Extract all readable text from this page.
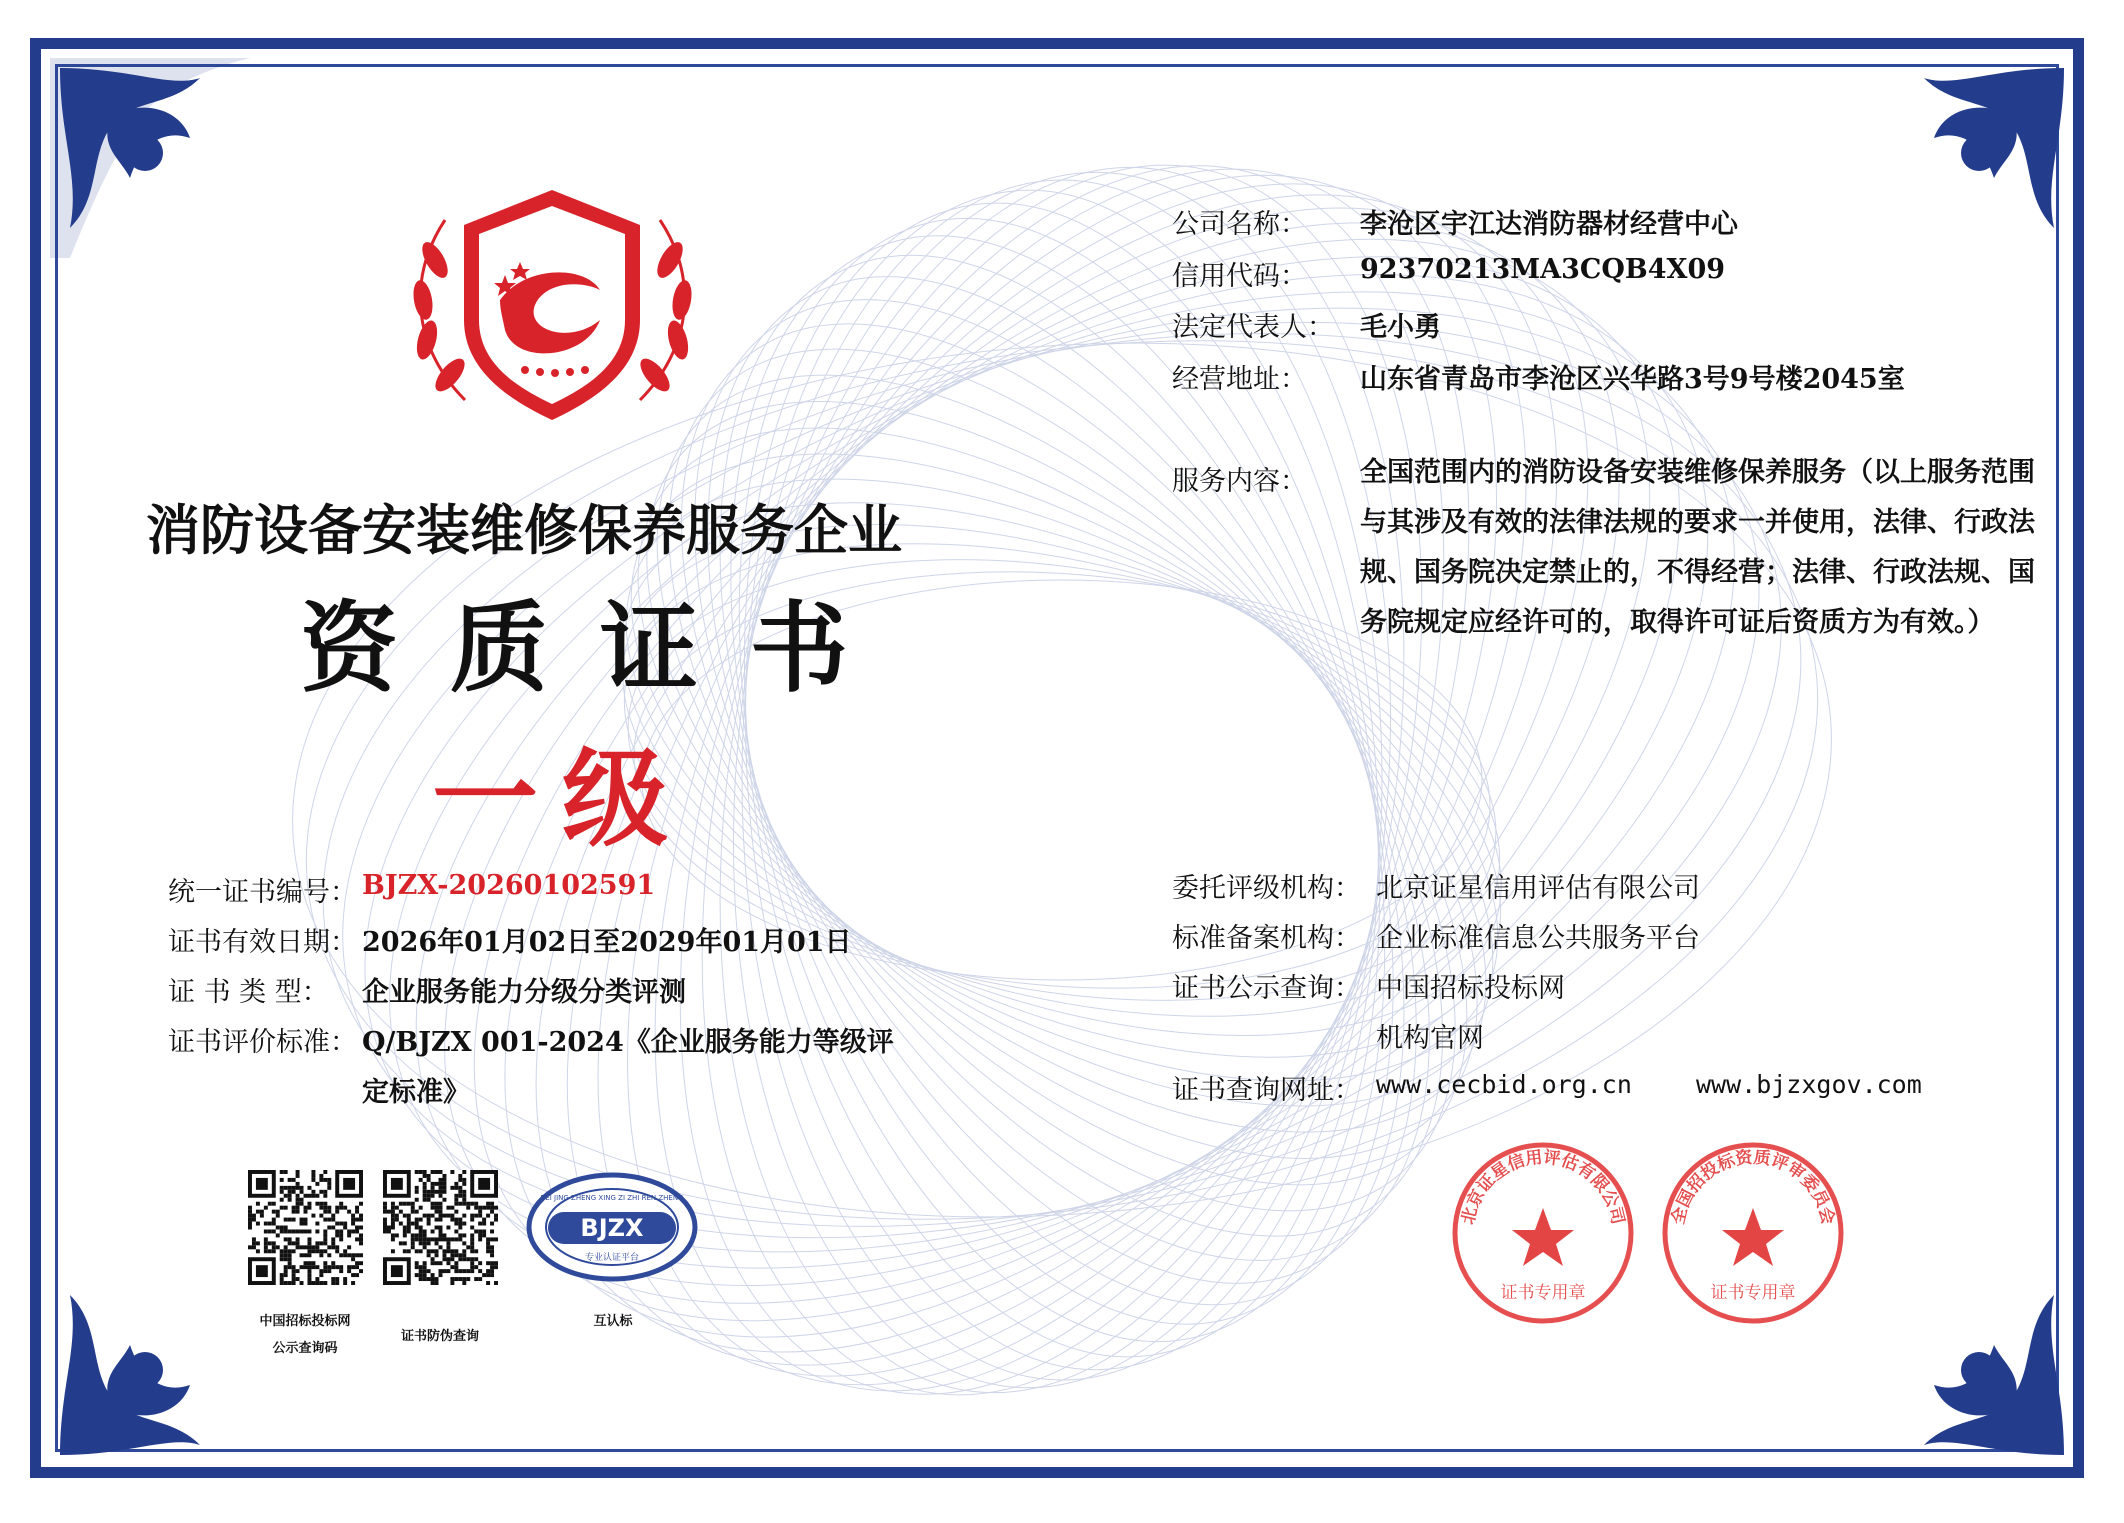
消防设备安装维修保养服务企业
资质证书
一级
公司名称： 李沧区宇江达消防器材经营中心
信用代码： 92370213MA3CQB4X09
法定代表人： 毛小勇
经营地址： 山东省青岛市李沧区兴华路3号9号楼2045室
服务内容： 全国范围内的消防设备安装维修保养服务（以上服务范围与其涉及有效的法律法规的要求一并使用，法律、行政法规、国务院决定禁止的，不得经营；法律、行政法规、国务院规定应经许可的，取得许可证后资质方为有效。）
统一证书编号： BJZX-20260102591
证书有效日期： 2026年01月02日至2029年01月01日
证 书 类 型： 企业服务能力分级分类评测
证书评价标准： Q/BJZX 001-2024《企业服务能力等级评
定标准》
委托评级机构： 北京证星信用评估有限公司
标准备案机构： 企业标准信息公共服务平台
证书公示查询： 中国招标投标网
机构官网
证书查询网址： www.cecbid.org.cn	www.bjzxgov.com
BJZX
BEI JING ZHENG XING ZI ZHI REN ZHENG
专业认证平台
中国招标投标网
公示查询码
证书防伪查询
互认标
北京证星信用评估有限公司
证书专用章
全国招投标资质评审委员会
证书专用章
